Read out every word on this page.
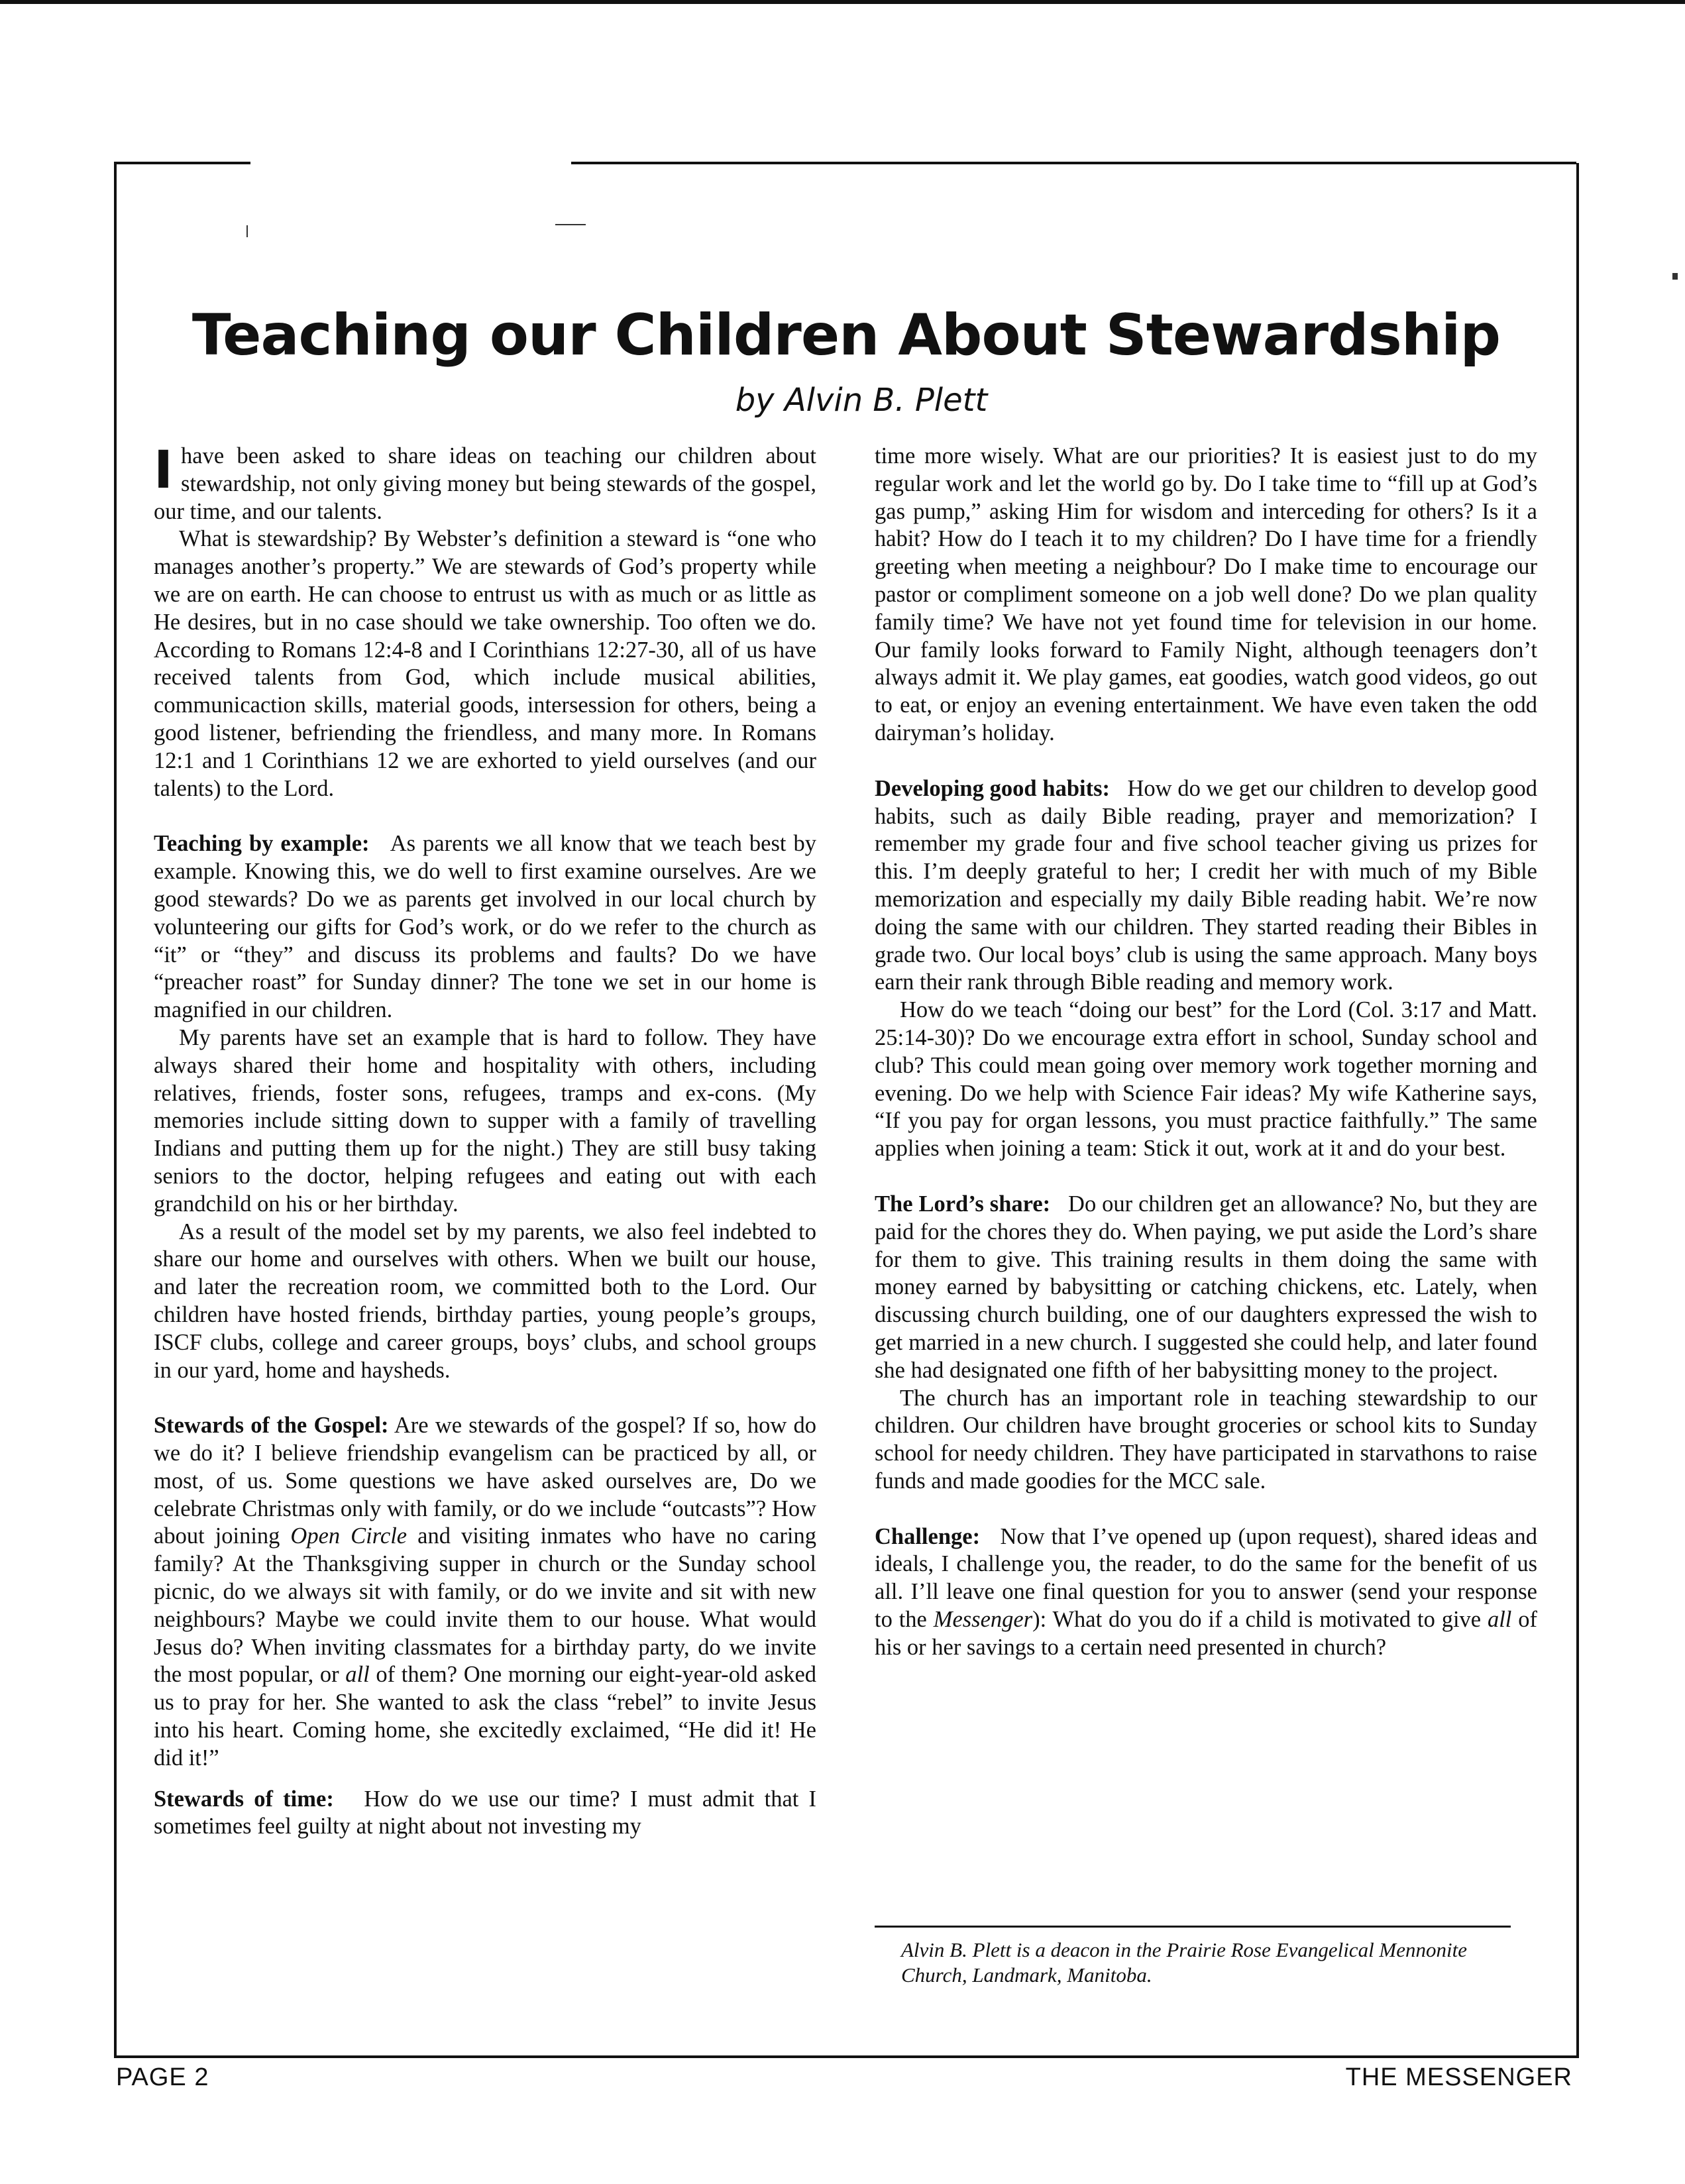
Teaching our Children About Stewardship

by Alvin B. Plett

Ihave been asked to share ideas on teaching our children about stewardship, not only giving money but being stewards of the gospel, our time, and our talents.

What is stewardship? By Webster’s definition a steward is “one who manages another’s property.” We are stewards of God’s property while we are on earth. He can choose to entrust us with as much or as little as He desires, but in no case should we take ownership. Too often we do. According to Romans 12:4-8 and I Corinthians 12:27-30, all of us have received talents from God, which include musical abilities, communicaction skills, material goods, intersession for others, being a good listener, befriending the friendless, and many more. In Romans 12:1 and 1 Corinthians 12 we are exhorted to yield ourselves (and our talents) to the Lord.

Teaching by example: As parents we all know that we teach best by example. Knowing this, we do well to first examine ourselves. Are we good stewards? Do we as parents get involved in our local church by volunteering our gifts for God’s work, or do we refer to the church as “it” or “they” and discuss its problems and faults? Do we have “preacher roast” for Sunday dinner? The tone we set in our home is magnified in our children.

My parents have set an example that is hard to follow. They have always shared their home and hospitality with others, including relatives, friends, foster sons, refugees, tramps and ex-cons. (My memories include sitting down to supper with a family of travelling Indians and putting them up for the night.) They are still busy taking seniors to the doctor, helping refugees and eating out with each grandchild on his or her birthday.

As a result of the model set by my parents, we also feel indebted to share our home and ourselves with others. When we built our house, and later the recreation room, we committed both to the Lord. Our children have hosted friends, birthday parties, young people’s groups, ISCF clubs, college and career groups, boys’ clubs, and school groups in our yard, home and haysheds.

Stewards of the Gospel: Are we stewards of the gospel? If so, how do we do it? I believe friendship evangelism can be practiced by all, or most, of us. Some questions we have asked ourselves are, Do we celebrate Christmas only with family, or do we include “outcasts”? How about joining Open Circle and visiting inmates who have no caring family? At the Thanksgiving supper in church or the Sunday school picnic, do we always sit with family, or do we invite and sit with new neighbours? Maybe we could invite them to our house. What would Jesus do? When inviting classmates for a birthday party, do we invite the most popular, or all of them? One morning our eight-year-old asked us to pray for her. She wanted to ask the class “rebel” to invite Jesus into his heart. Coming home, she excitedly exclaimed, “He did it! He did it!”

Stewards of time: How do we use our time? I must admit that I sometimes feel guilty at night about not investing my

time more wisely. What are our priorities? It is easiest just to do my regular work and let the world go by. Do I take time to “fill up at God’s gas pump,” asking Him for wisdom and interceding for others? Is it a habit? How do I teach it to my children? Do I have time for a friendly greeting when meeting a neighbour? Do I make time to encourage our pastor or compliment someone on a job well done? Do we plan quality family time? We have not yet found time for television in our home. Our family looks forward to Family Night, although teenagers don’t always admit it. We play games, eat goodies, watch good videos, go out to eat, or enjoy an evening entertainment. We have even taken the odd dairyman’s holiday.

Developing good habits: How do we get our children to develop good habits, such as daily Bible reading, prayer and memorization? I remember my grade four and five school teacher giving us prizes for this. I’m deeply grateful to her; I credit her with much of my Bible memorization and especially my daily Bible reading habit. We’re now doing the same with our children. They started reading their Bibles in grade two. Our local boys’ club is using the same approach. Many boys earn their rank through Bible reading and memory work.

How do we teach “doing our best” for the Lord (Col. 3:17 and Matt. 25:14-30)? Do we encourage extra effort in school, Sunday school and club? This could mean going over memory work together morning and evening. Do we help with Science Fair ideas? My wife Katherine says, “If you pay for organ lessons, you must practice faithfully.” The same applies when joining a team: Stick it out, work at it and do your best.

The Lord’s share: Do our children get an allowance? No, but they are paid for the chores they do. When paying, we put aside the Lord’s share for them to give. This training results in them doing the same with money earned by babysitting or catching chickens, etc. Lately, when discussing church building, one of our daughters expressed the wish to get married in a new church. I suggested she could help, and later found she had designated one fifth of her babysitting money to the project.

The church has an important role in teaching stewardship to our children. Our children have brought groceries or school kits to Sunday school for needy children. They have participated in starvathons to raise funds and made goodies for the MCC sale.

Challenge: Now that I’ve opened up (upon request), shared ideas and ideals, I challenge you, the reader, to do the same for the benefit of us all. I’ll leave one final question for you to answer (send your response to the Messenger): What do you do if a child is motivated to give all of his or her savings to a certain need presented in church?

Alvin B. Plett is a deacon in the Prairie Rose Evangelical Mennonite Church, Landmark, Manitoba.

PAGE 2	THE MESSENGER
